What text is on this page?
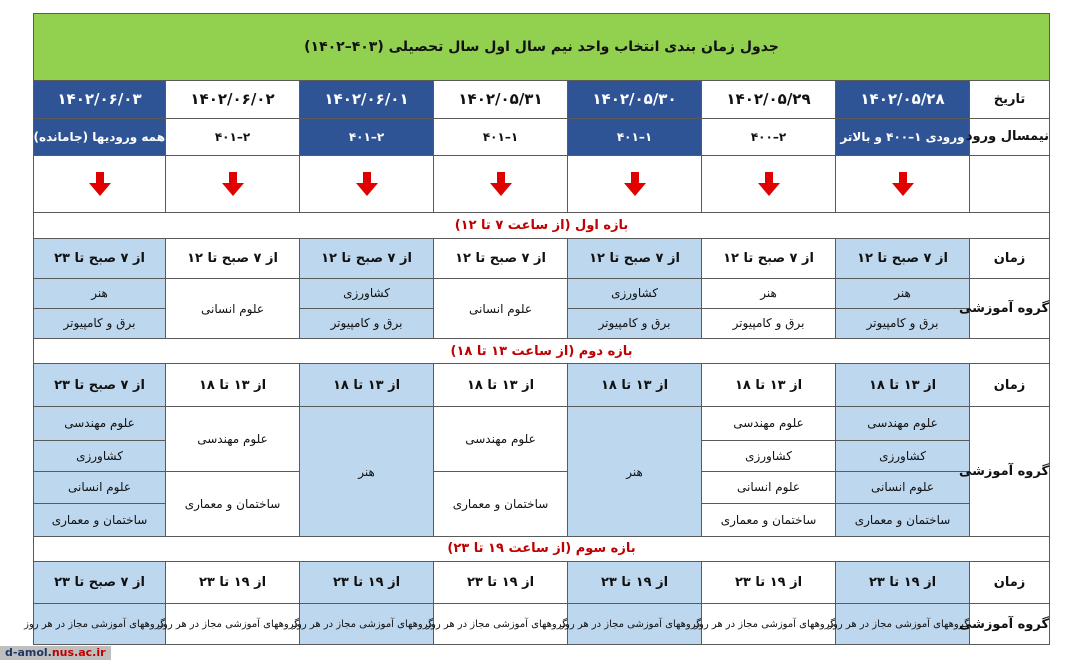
جدول زمان بندی انتخاب واحد نیم سال اول سال تحصیلی (۴۰۳–۱۴۰۲)							
تاریخ	۱۴۰۲/۰۵/۲۸	۱۴۰۲/۰۵/۲۹	۱۴۰۲/۰۵/۳۰	۱۴۰۲/۰۵/۳۱	۱۴۰۲/۰۶/۰۱	۱۴۰۲/۰۶/۰۲	۱۴۰۲/۰۶/۰۳
نیمسال ورود	ورودی ۱–۴۰۰ و بالاتر	۲–۴۰۰	۱–۴۰۱	۱–۴۰۱	۲–۴۰۱	۲–۴۰۱	همه ورودیها (جامانده)

بازه اول (از ساعت ۷ تا ۱۲)							
زمان	از ۷ صبح تا ۱۲	از ۷ صبح تا ۱۲	از ۷ صبح تا ۱۲	از ۷ صبح تا ۱۲	از ۷ صبح تا ۱۲	از ۷ صبح تا ۱۲	از ۷ صبح تا ۲۳
گروه آموزشی	هنر	هنر	کشاورزی	علوم انسانی	کشاورزی	علوم انسانی	هنر
	برق و کامپیوتر	برق و کامپیوتر	برق و کامپیوتر		برق و کامپیوتر		برق و کامپیوتر
بازه دوم (از ساعت ۱۳ تا ۱۸)							
زمان	از ۱۳ تا ۱۸	از ۱۳ تا ۱۸	از ۱۳ تا ۱۸	از ۱۳ تا ۱۸	از ۱۳ تا ۱۸	از ۱۳ تا ۱۸	از ۷ صبح تا ۲۳
گروه آموزشی	علوم مهندسی	علوم مهندسی	هنر	علوم مهندسی	هنر	علوم مهندسی	علوم مهندسی
	کشاورزی	کشاورزی					کشاورزی
	علوم انسانی	علوم انسانی		ساختمان و معماری		ساختمان و معماری	علوم انسانی
	ساختمان و معماری	ساختمان و معماری					ساختمان و معماری
بازه سوم (از ساعت ۱۹ تا ۲۳)							
زمان	از ۱۹ تا ۲۳	از ۱۹ تا ۲۳	از ۱۹ تا ۲۳	از ۱۹ تا ۲۳	از ۱۹ تا ۲۳	از ۱۹ تا ۲۳	از ۷ صبح تا ۲۳
گروه آموزشی	گروههای آموزشی مجاز در هر روز	گروههای آموزشی مجاز در هر روز	گروههای آموزشی مجاز در هر روز	گروههای آموزشی مجاز در هر روز	گروههای آموزشی مجاز در هر روز	گروههای آموزشی مجاز در هر روز	گروههای آموزشی مجاز در هر روز
d-amol.nus.ac.ir
